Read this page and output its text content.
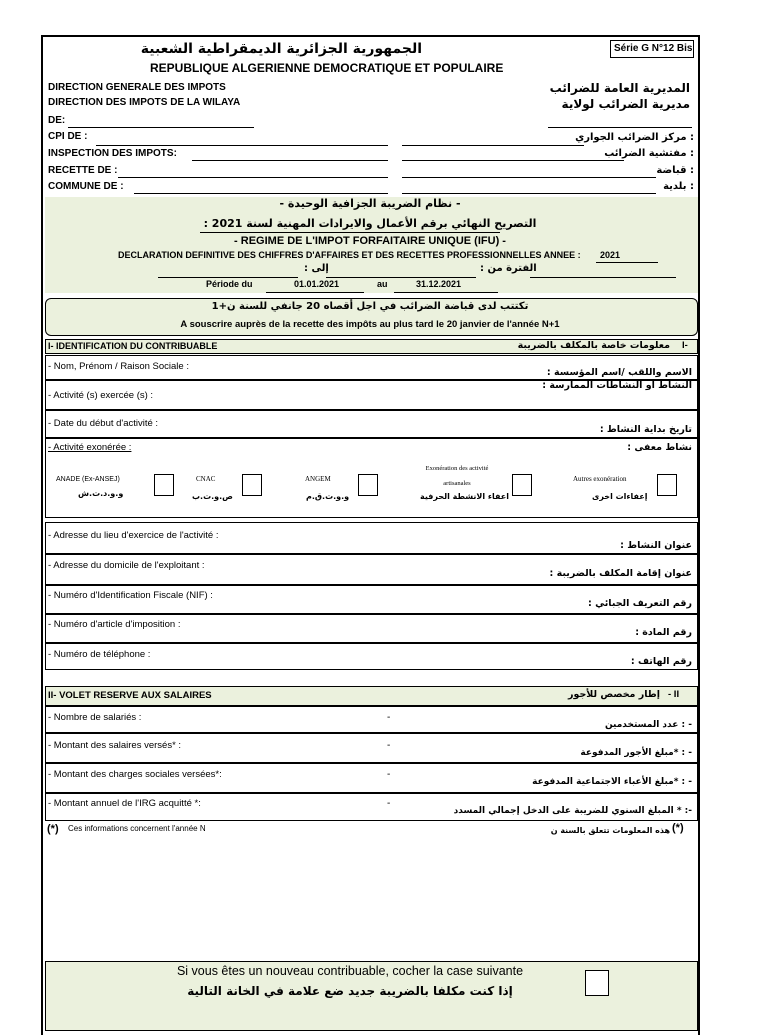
Série G N°12 Bis
الجمهورية الجزائرية الديمقراطية الشعبية
REPUBLIQUE ALGERIENNE DEMOCRATIQUE ET POPULAIRE
DIRECTION GENERALE DES IMPOTS
DIRECTION DES IMPOTS DE LA WILAYA
DE:
المديرية العامة للضرائب
مديرية الضرائب لولاية
CPI DE :	: مركز الضرائب الجواري
INSPECTION DES IMPOTS:	: مفتشية الضرائب
RECETTE DE :	: قباضة
COMMUNE DE :	: بلدية
- نظام الضريبة الجزافية الوحيدة -
التصريح النهائي برقم الأعمال والايرادات المهنية لسنة 2021 :
- REGIME DE L'IMPOT FORFAITAIRE UNIQUE (IFU) -
DECLARATION DEFINITIVE DES CHIFFRES D'AFFAIRES ET DES RECETTES PROFESSIONNELLES ANNEE : 2021
إلى :	الفترة من :
Période du	01.01.2021	au	31.12.2021
تكتتب لدى قباضة الضرائب في اجل أقصاه 20 جانفي للسنة ن+1
A souscrire auprès de la recette des impôts au plus tard le 20 janvier de l'année N+1
I- IDENTIFICATION DU CONTRIBUABLE	معلومات خاصة بالمكلف بالضريبة I-
- Nom, Prénom / Raison Sociale :
الاسم واللقب /اسم المؤسسة :
- Activité (s) exercée (s) :
النشاط او النشاطات الممارسة :
- Date du début d'activité :
تاريخ بداية النشاط :
- Activité exonérée :	نشاط معفى :
ANADE (Ex-ANSEJ)
و.و.د.ت.ش
CNAC
ص.و.ت.ب
ANGEM
و.و.ت.ق.م
Exonération des activité artisanales
اعفاء الانشطة الحرفية
Autres exonération
إعفاءات اخرى
- Adresse du lieu d'exercice de l'activité :
عنوان النشاط :
- Adresse du domicile de l'exploitant :
عنوان إقامة المكلف بالضريبة :
- Numéro d'Identification Fiscale (NIF) :
رقم التعريف الجبائي :
- Numéro d'article d'imposition :
رقم المادة :
- Numéro de téléphone :
رقم الهاتف :
II- VOLET RESERVE AUX SALAIRES	إطار مخصص للأجور - II
- Nombre de salariés :	-
- : عدد المستخدمين
- Montant des salaires versés* :	-
- : *مبلغ الأجور المدفوعة
- Montant des charges sociales versées*:	-
- : *مبلغ الأعباء الاجتماعية المدفوعة
- Montant annuel de l'IRG acquitté *:	-
-: * المبلغ السنوي للضريبة على الدخل إجمالي المسدد
(*) Ces informations concernent l'année N	هذه المعلومات تتعلق بالسنة ن (*)
Si vous êtes un nouveau contribuable, cocher la case suivante
إذا كنت مكلفا بالضريبة جديد ضع علامة في الخانة التالية
